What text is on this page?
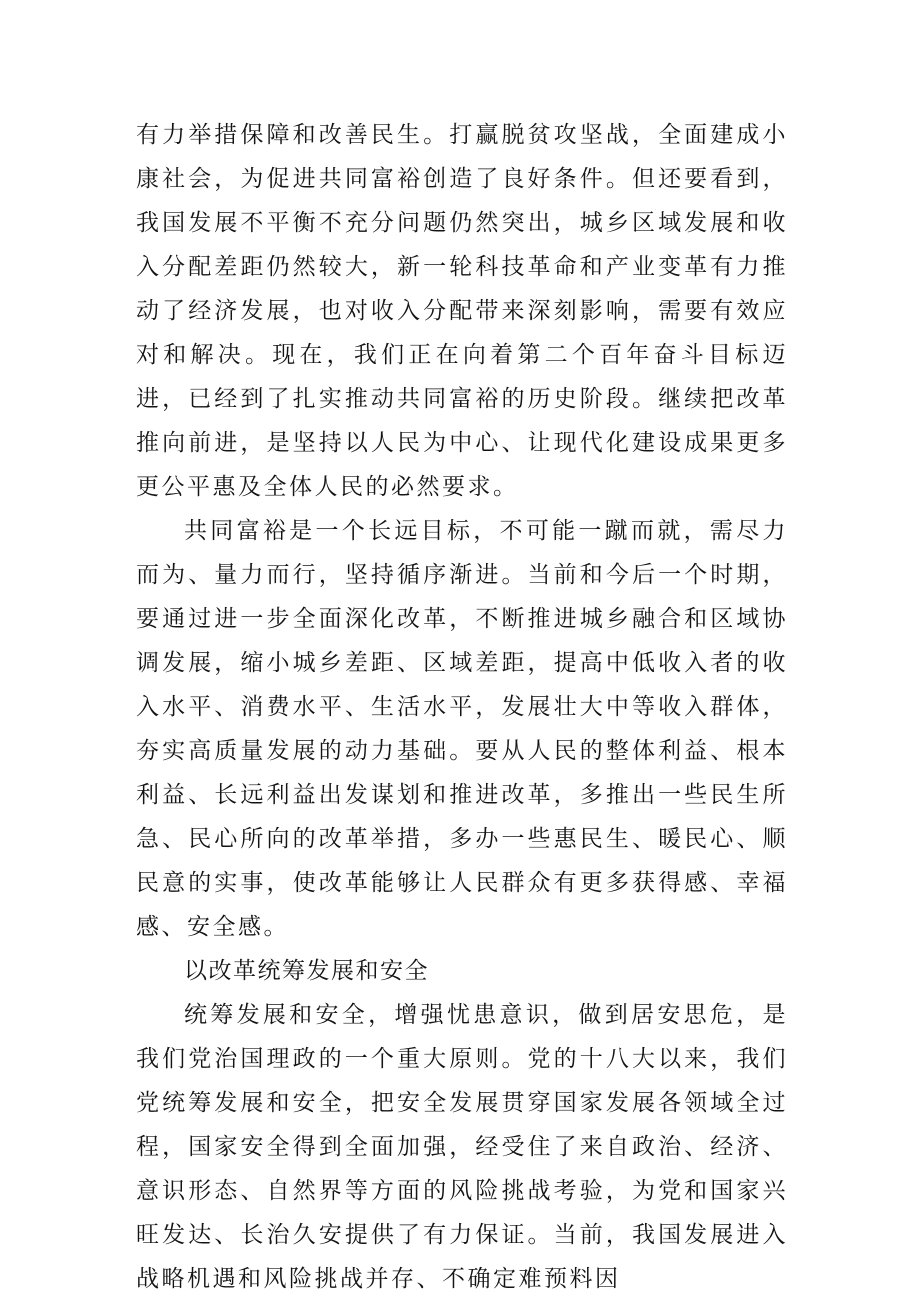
有力举措保障和改善民生。打赢脱贫攻坚战，全面建成小康社会，为促进共同富裕创造了良好条件。但还要看到，我国发展不平衡不充分问题仍然突出，城乡区域发展和收入分配差距仍然较大，新一轮科技革命和产业变革有力推动了经济发展，也对收入分配带来深刻影响，需要有效应对和解决。现在，我们正在向着第二个百年奋斗目标迈进，已经到了扎实推动共同富裕的历史阶段。继续把改革推向前进，是坚持以人民为中心、让现代化建设成果更多更公平惠及全体人民的必然要求。

共同富裕是一个长远目标，不可能一蹴而就，需尽力而为、量力而行，坚持循序渐进。当前和今后一个时期，要通过进一步全面深化改革，不断推进城乡融合和区域协调发展，缩小城乡差距、区域差距，提高中低收入者的收入水平、消费水平、生活水平，发展壮大中等收入群体，夯实高质量发展的动力基础。要从人民的整体利益、根本利益、长远利益出发谋划和推进改革，多推出一些民生所急、民心所向的改革举措，多办一些惠民生、暖民心、顺民意的实事，使改革能够让人民群众有更多获得感、幸福感、安全感。

以改革统筹发展和安全

统筹发展和安全，增强忧患意识，做到居安思危，是我们党治国理政的一个重大原则。党的十八大以来，我们党统筹发展和安全，把安全发展贯穿国家发展各领域全过程，国家安全得到全面加强，经受住了来自政治、经济、意识形态、自然界等方面的风险挑战考验，为党和国家兴旺发达、长治久安提供了有力保证。当前，我国发展进入战略机遇和风险挑战并存、不确定难预料因
